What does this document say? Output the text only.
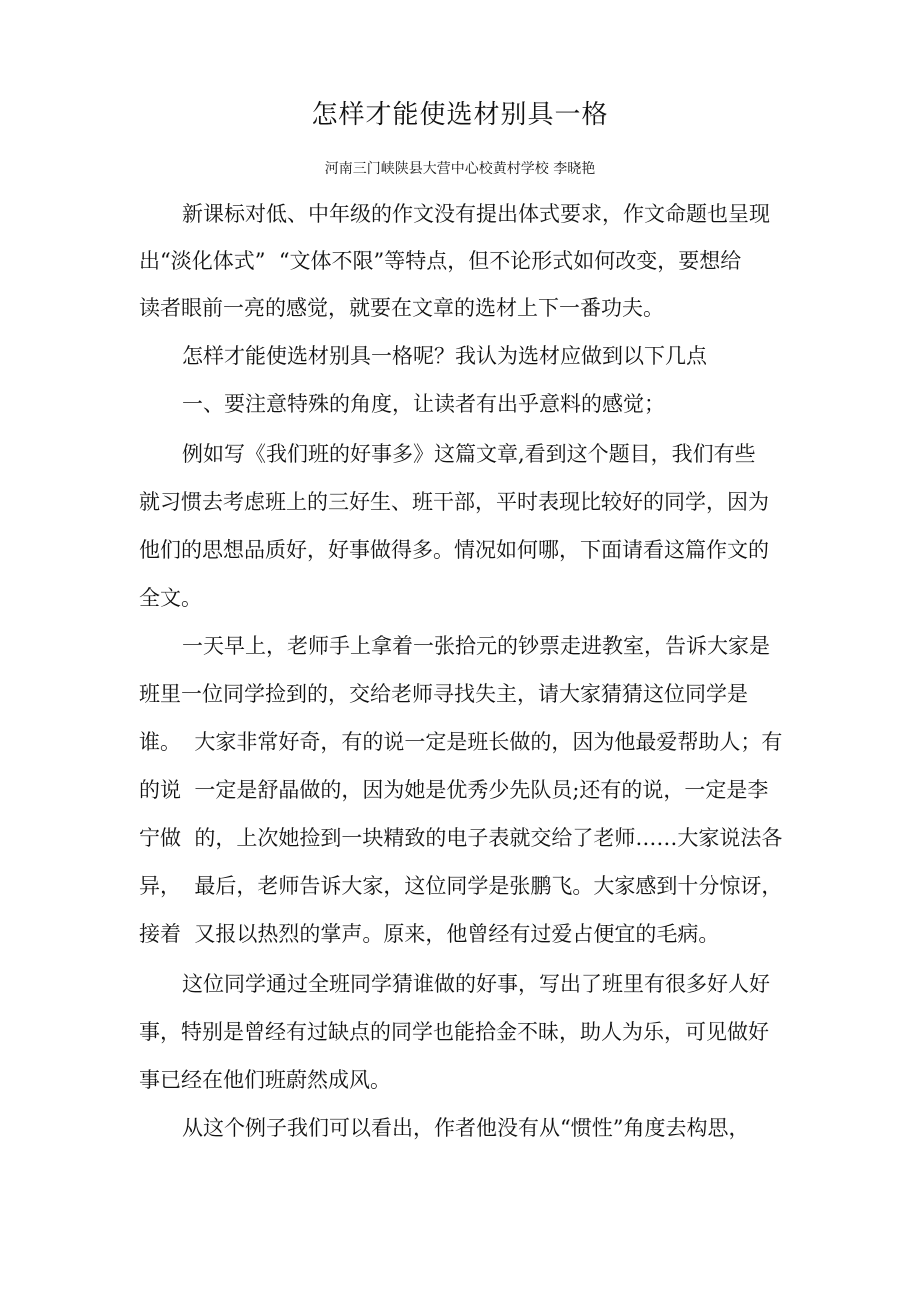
怎样才能使选材别具一格
河南三门峡陕县大营中心校黄村学校 李晓艳
新课标对低、中年级的作文没有提出体式要求，作文命题也呈现
出“淡化体式”  “文体不限”等特点，但不论形式如何改变，要想给
读者眼前一亮的感觉，就要在文章的选材上下一番功夫。
怎样才能使选材别具一格呢？我认为选材应做到以下几点
一、要注意特殊的角度，让读者有出乎意料的感觉；
例如写《我们班的好事多》这篇文章,看到这个题目，我们有些
就习惯去考虑班上的三好生、班干部，平时表现比较好的同学，因为
他们的思想品质好，好事做得多。情况如何哪，下面请看这篇作文的
全文。
一天早上，老师手上拿着一张拾元的钞票走进教室，告诉大家是
班里一位同学捡到的，交给老师寻找失主，请大家猜猜这位同学是
谁。  大家非常好奇，有的说一定是班长做的，因为他最爱帮助人；有
的说  一定是舒晶做的，因为她是优秀少先队员;还有的说，一定是李
宁做  的，上次她捡到一块精致的电子表就交给了老师……大家说法各
异，  最后，老师告诉大家，这位同学是张鹏飞。大家感到十分惊讶，
接着  又报以热烈的掌声。原来，他曾经有过爱占便宜的毛病。
这位同学通过全班同学猜谁做的好事，写出了班里有很多好人好
事，特别是曾经有过缺点的同学也能拾金不昧，助人为乐，可见做好
事已经在他们班蔚然成风。
从这个例子我们可以看出，作者他没有从“惯性”角度去构思，
